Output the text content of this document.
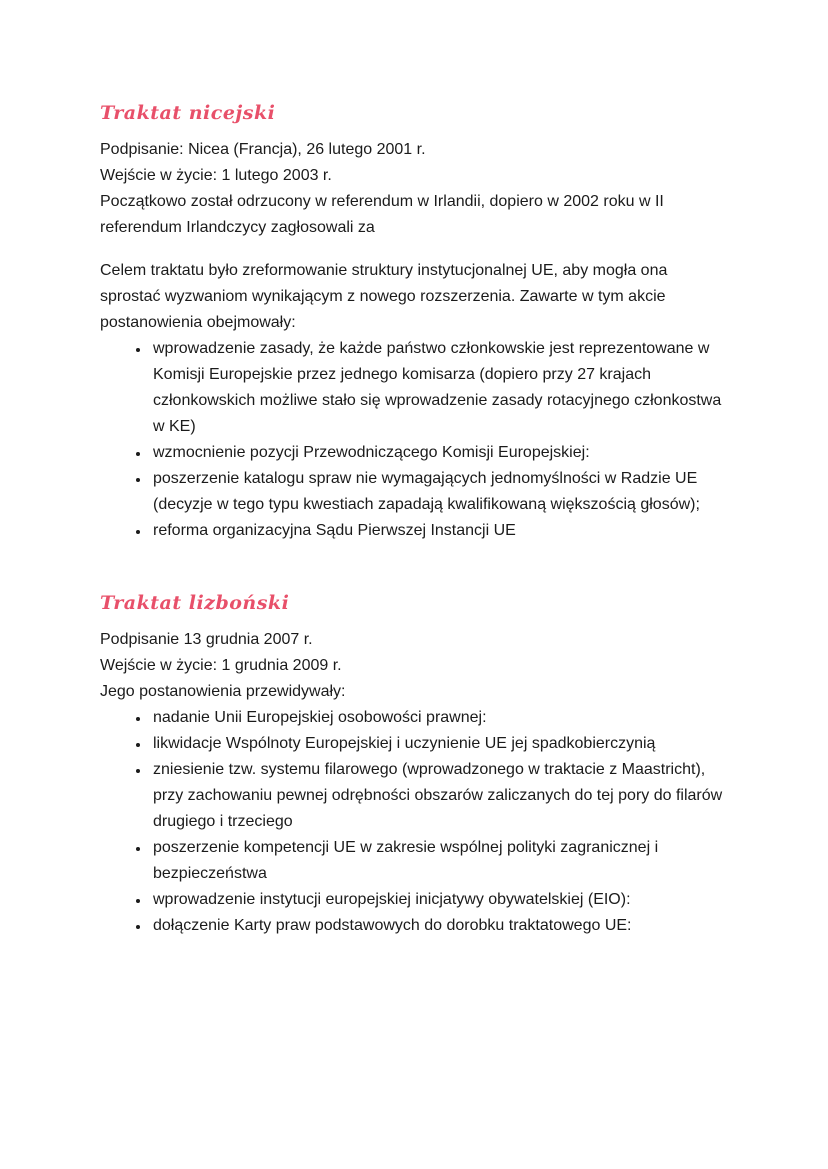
Traktat nicejski

Podpisanie: Nicea (Francja), 26 lutego 2001 r.

Wejście w życie: 1 lutego 2003 r.

Początkowo został odrzucony w referendum w Irlandii, dopiero w 2002 roku w II referendum Irlandczycy zagłosowali za

Celem traktatu było zreformowanie struktury instytucjonalnej UE, aby mogła ona sprostać wyzwaniom wynikającym z nowego rozszerzenia. Zawarte w tym akcie postanowienia obejmowały:

• wprowadzenie zasady, że każde państwo członkowskie jest reprezentowane w Komisji Europejskie przez jednego komisarza (dopiero przy 27 krajach członkowskich możliwe stało się wprowadzenie zasady rotacyjnego członkostwa w KE)
• wzmocnienie pozycji Przewodniczącego Komisji Europejskiej:
• poszerzenie katalogu spraw nie wymagających jednomyślności w Radzie UE (decyzje w tego typu kwestiach zapadają kwalifikowaną większością głosów);
• reforma organizacyjna Sądu Pierwszej Instancji UE
Traktat lizboński

Podpisanie 13 grudnia 2007 r.

Wejście w życie: 1 grudnia 2009 r.

Jego postanowienia przewidywały:

• nadanie Unii Europejskiej osobowości prawnej:
• likwidacje Wspólnoty Europejskiej i uczynienie UE jej spadkobierczynią
• zniesienie tzw. systemu filarowego (wprowadzonego w traktacie z Maastricht), przy zachowaniu pewnej odrębności obszarów zaliczanych do tej pory do filarów drugiego i trzeciego
• poszerzenie kompetencji UE w zakresie wspólnej polityki zagranicznej i bezpieczeństwa
• wprowadzenie instytucji europejskiej inicjatywy obywatelskiej (EIO):
• dołączenie Karty praw podstawowych do dorobku traktatowego UE:
